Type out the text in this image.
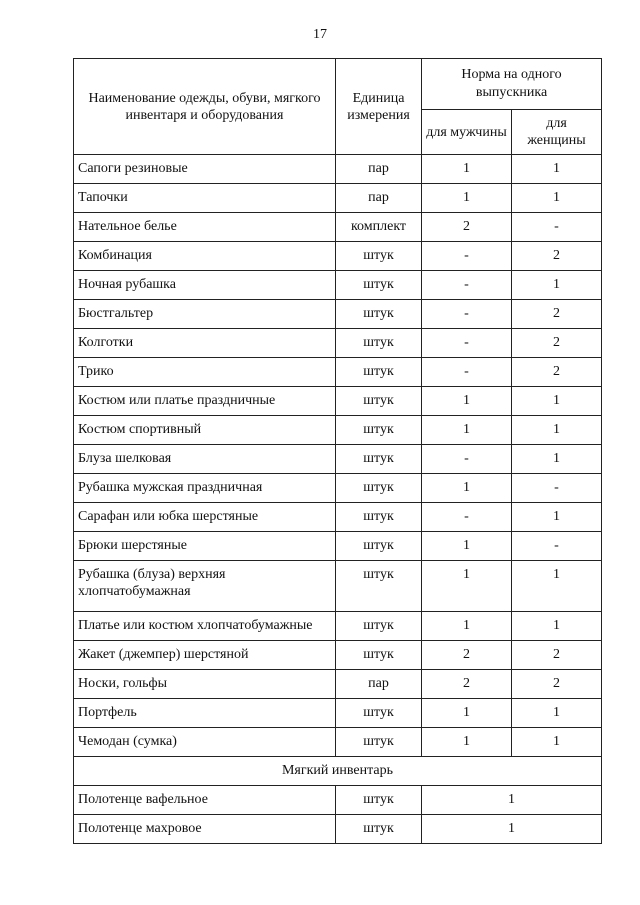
17
Наименование одежды, обуви, мягкого инвентаря и оборудования	Единица измерения	Норма на одного выпускника	
		для мужчины	для женщины
Сапоги резиновые	пар	1	1
Тапочки	пар	1	1
Нательное белье	комплект	2	-
Комбинация	штук	-	2
Ночная рубашка	штук	-	1
Бюстгальтер	штук	-	2
Колготки	штук	-	2
Трико	штук	-	2
Костюм или платье праздничные	штук	1	1
Костюм спортивный	штук	1	1
Блуза шелковая	штук	-	1
Рубашка мужская праздничная	штук	1	-
Сарафан или юбка шерстяные	штук	-	1
Брюки шерстяные	штук	1	-
Рубашка (блуза) верхняя хлопчатобумажная	штук	1	1
Платье или костюм хлопчатобумажные	штук	1	1
Жакет (джемпер) шерстяной	штук	2	2
Носки, гольфы	пар	2	2
Портфель	штук	1	1
Чемодан (сумка)	штук	1	1
Мягкий инвентарь			
Полотенце вафельное	штук	1	
Полотенце махровое	штук	1	
